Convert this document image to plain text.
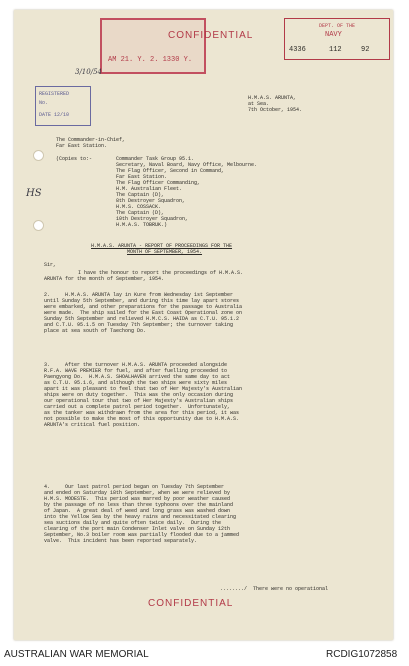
AM 21. Y. 2. 1330 Y.
CONFIDENTIAL
DEPT. OF THE
NAVY
4336	112	92
REGISTERED
No.
DATE 12/10
3/10/54
HS
H.M.A.S. ARUNTA,
at Sea.
7th October, 1954.
The Commander-in-Chief,
Far East Station.
(Copies to:-	Commander Task Group 95.1.
Secretary, Naval Board, Navy Office, Melbourne.
The Flag Officer, Second in Command,
Far East Station.
The Flag Officer Commanding,
H.M. Australian Fleet.
The Captain (D),
8th Destroyer Squadron,
H.M.S. COSSACK.
The Captain (D),
10th Destroyer Squadron,
H.M.A.S. TOBRUK.)
H.M.A.S. ARUNTA - REPORT OF PROCEEDINGS FOR THE
MONTH OF SEPTEMBER, 1954.
Sir,
I have the honour to report the proceedings of H.M.A.S.
ARUNTA for the month of September, 1954.
2.     H.M.A.S. ARUNTA lay in Kure from Wednesday 1st September
until Sunday 5th September, and during this time lay apart stores
were embarked, and other preparations for the passage to Australia
were made.  The ship sailed for the East Coast Operational zone on
Sunday 5th September and relieved H.M.C.S. HAIDA as C.T.U. 95.1.2
and C.T.U. 95.1.5 on Tuesday 7th September; the turnover taking
place at sea south of Taechong Do.
3.     After the turnover H.M.A.S. ARUNTA proceeded alongside
R.F.A. WAVE PREMIER for fuel, and after fuelling proceeded to
Paengyong Do.  H.M.A.S. SHOALHAVEN arrived the same day to act
as C.T.U. 95.1.6, and although the two ships were sixty miles
apart it was pleasant to feel that two of Her Majesty's Australian
ships were on duty together.  This was the only occasion during
our operational tour that two of Her Majesty's Australian ships
carried out a complete patrol period together.  Unfortunately,
as the tanker was withdrawn from the area for this period, it was
not possible to make the most of this opportunity due to H.M.A.S.
ARUNTA's critical fuel position.
4.     Our last patrol period began on Tuesday 7th September
and ended on Saturday 18th September, when we were relieved by
H.M.S. MODESTE.  This period was marred by poor weather caused
by the passage of no less than three typhoons over the mainland
of Japan.  A great deal of weed and long grass was washed down
into the Yellow Sea by the heavy rains and necessitated clearing
sea suctions daily and quite often twice daily.  During the
clearing of the port main Condenser Inlet valve on Sunday 12th
September, No.3 boiler room was partially flooded due to a jammed
valve.  This incident has been reported separately.
......../  There were no operational
CONFIDENTIAL
AUSTRALIAN WAR MEMORIAL	RCDIG1072858
